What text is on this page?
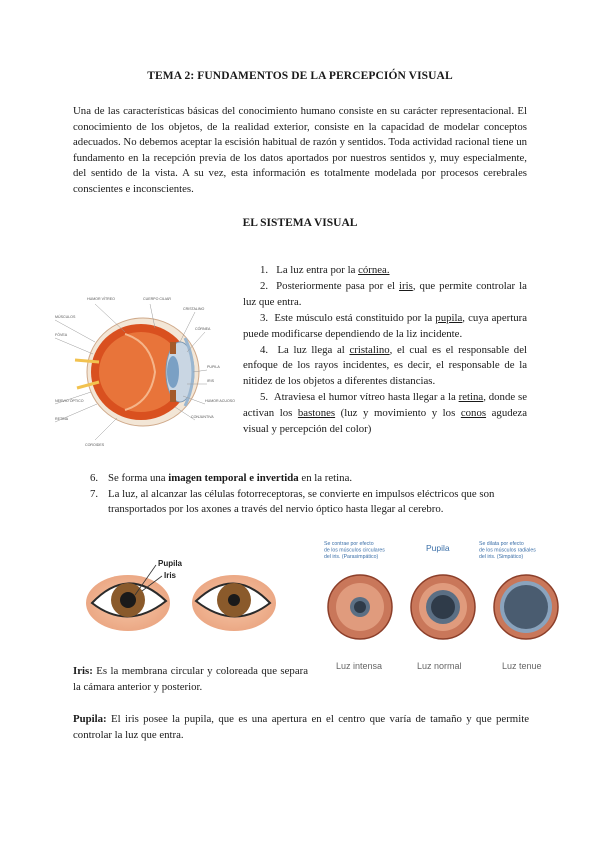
TEMA 2: FUNDAMENTOS DE LA PERCEPCIÓN VISUAL
Una de las características básicas del conocimiento humano consiste en su carácter representacional. El conocimiento de los objetos, de la realidad exterior, consiste en la capacidad de modelar conceptos adecuados. No debemos aceptar la escisión habitual de razón y sentidos. Toda actividad racional tiene un fundamento en la recepción previa de los datos aportados por nuestros sentidos y, muy especialmente, del sentido de la vista. A su vez, esta información es totalmente modelada por procesos cerebrales conscientes e inconscientes.
EL SISTEMA VISUAL
HUMOR VÍTREO	CUERPO CILIAR
CRISTALINO
CÓRNEA
PUPILA
IRIS
HUMOR ACUOSO
CONJUNTIVA
MÚSCULOS
FÓVEA
NERVIO ÓPTICO
RETINA
COROIDES

1. La luz entra por la córnea.

2. Posteriormente pasa por el iris, que permite controlar la luz que entra.

3. Este músculo está constituido por la pupila, cuya apertura puede modificarse dependiendo de la liz incidente.

4. La luz llega al cristalino, el cual es el responsable del enfoque de los rayos incidentes, es decir, el responsable de la nitidez de los objetos a diferentes distancias.

5. Atraviesa el humor vítreo hasta llegar a la retina, donde se activan los bastones (luz y movimiento y los conos agudeza visual y percepción del color)

6. Se forma una imagen temporal e invertida en la retina.
7. La luz, al alcanzar las células fotorreceptoras, se convierte en impulsos eléctricos que son transportados por los axones a través del nervio óptico hasta llegar al cerebro.
Pupila
Iris
Se contrae por efecto de los músculos circulares del iris. (Parasimpático)
Pupila	Se dilata por efecto de los músculos radiales del iris. (Simpático)
Luz intensa	Luz normal	Luz tenue
Iris: Es la membrana circular y coloreada que separa la cámara anterior y posterior.
Pupila: El iris posee la pupila, que es una apertura en el centro que varía de tamaño y que permite controlar la luz que entra.
